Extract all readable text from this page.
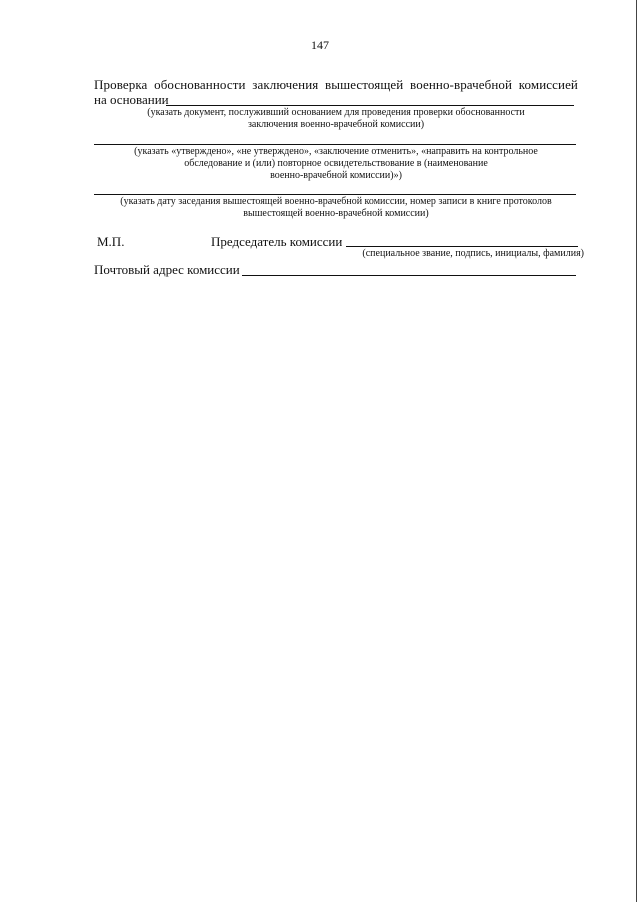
147
Проверка обоснованности заключения вышестоящей военно-врачебной комиссией
на основании
(указать документ, послуживший основанием для проведения проверки обоснованности
заключения военно-врачебной комиссии)
(указать «утверждено», «не утверждено», «заключение отменить», «направить на контрольное
обследование и (или) повторное освидетельствование в (наименование
военно-врачебной комиссии)»)
(указать дату заседания вышестоящей военно-врачебной комиссии, номер записи в книге протоколов
вышестоящей военно-врачебной комиссии)
М.П.	Председатель комиссии
(специальное звание, подпись, инициалы, фамилия)
Почтовый адрес комиссии
